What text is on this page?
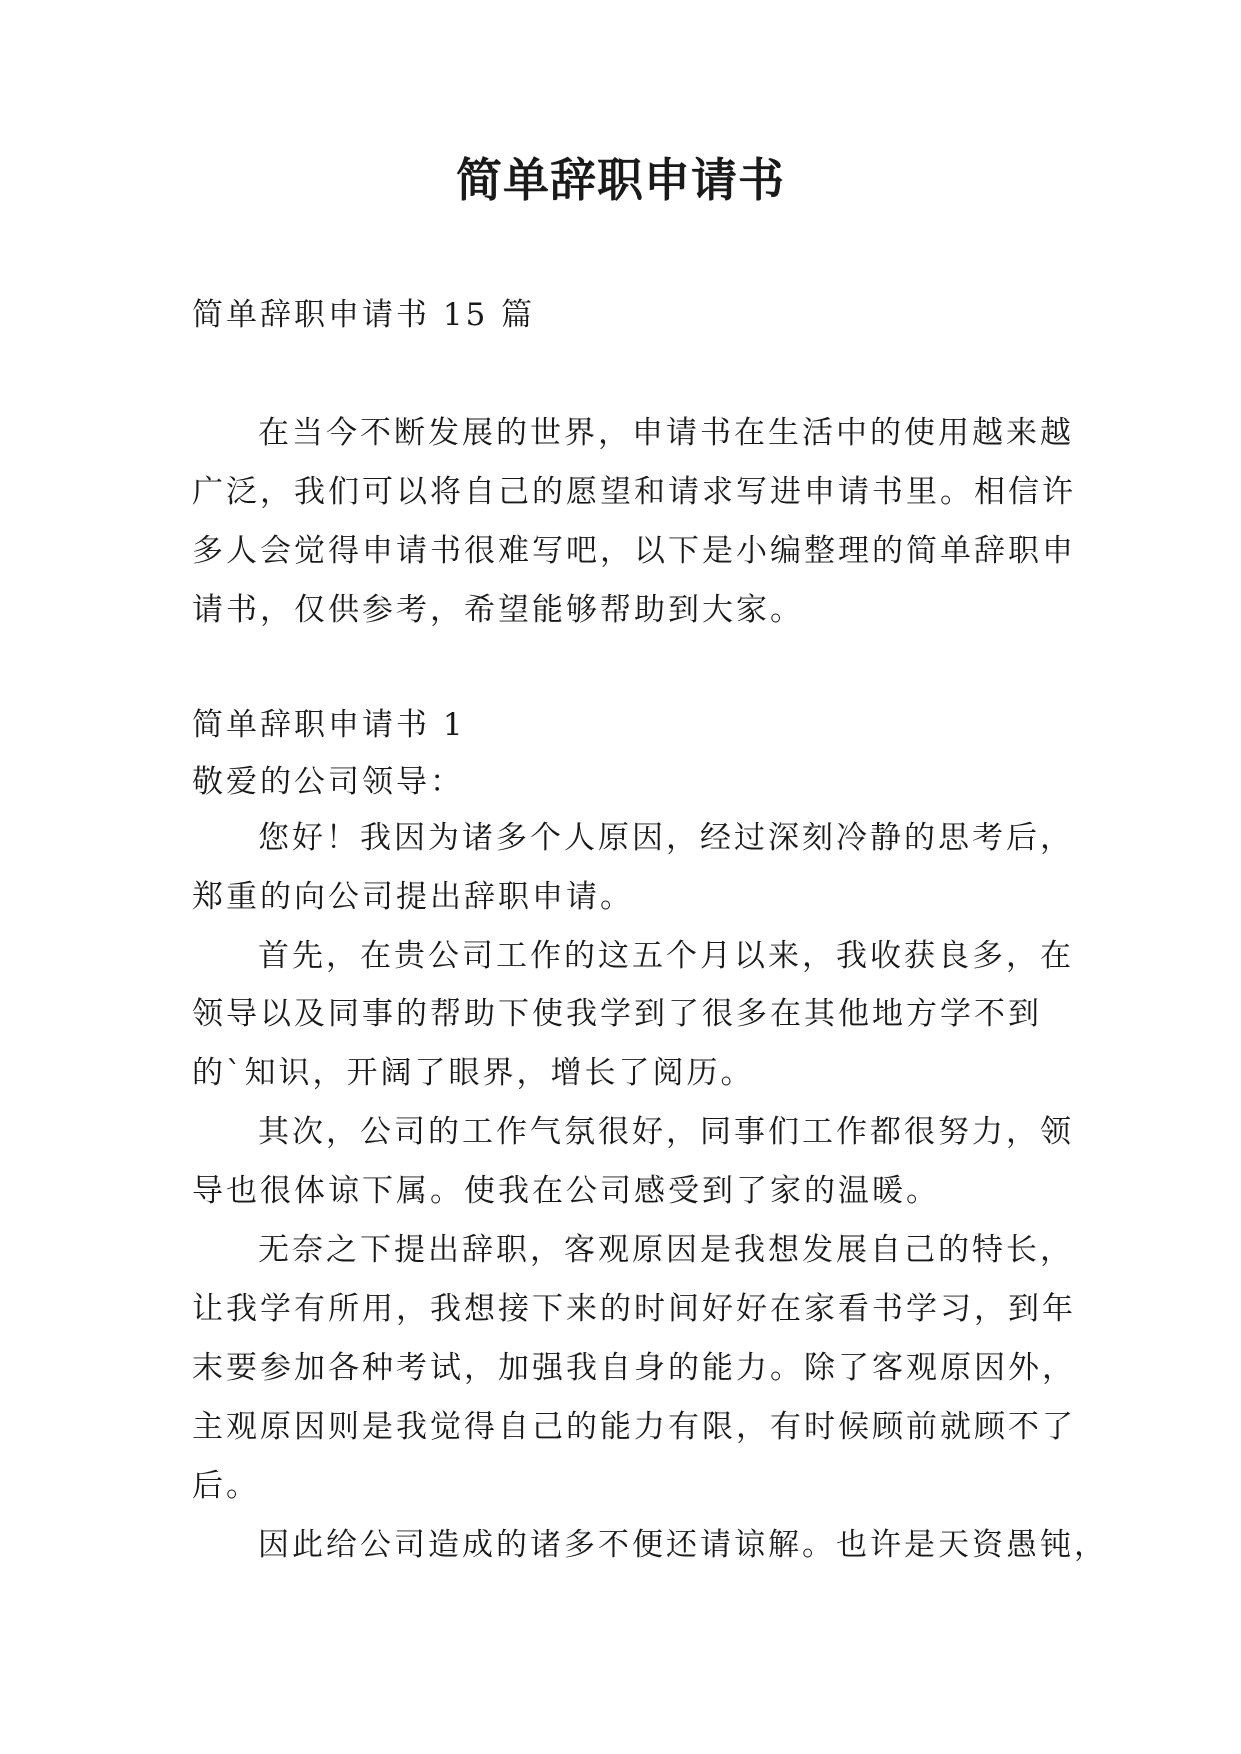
简单辞职申请书
简单辞职申请书 15 篇
在当今不断发展的世界，申请书在生活中的使用越来越
广泛，我们可以将自己的愿望和请求写进申请书里。相信许
多人会觉得申请书很难写吧，以下是小编整理的简单辞职申
请书，仅供参考，希望能够帮助到大家。
简单辞职申请书 1
敬爱的公司领导：
您好！我因为诸多个人原因，经过深刻冷静的思考后，
郑重的向公司提出辞职申请。
首先，在贵公司工作的这五个月以来，我收获良多，在
领导以及同事的帮助下使我学到了很多在其他地方学不到
的`知识，开阔了眼界，增长了阅历。
其次，公司的工作气氛很好，同事们工作都很努力，领
导也很体谅下属。使我在公司感受到了家的温暖。
无奈之下提出辞职，客观原因是我想发展自己的特长，
让我学有所用，我想接下来的时间好好在家看书学习，到年
末要参加各种考试，加强我自身的能力。除了客观原因外，
主观原因则是我觉得自己的能力有限，有时候顾前就顾不了
后。
因此给公司造成的诸多不便还请谅解。也许是天资愚钝，
